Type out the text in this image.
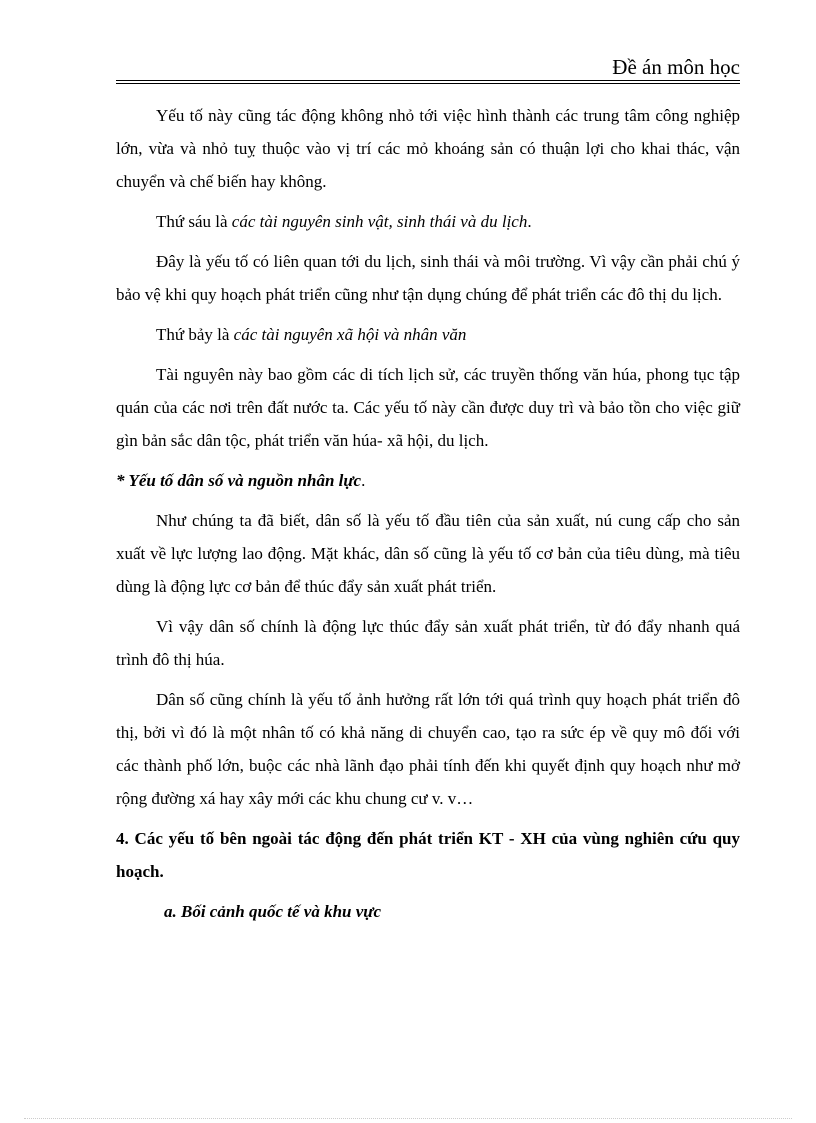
Đề án môn học

Yếu tố này cũng tác động không nhỏ tới việc hình thành các trung tâm công nghiệp lớn, vừa và nhỏ tuỵ thuộc vào vị trí các mỏ khoáng sản có thuận lợi cho khai thác, vận chuyển và chế biến hay không.

Thứ sáu là các tài nguyên sinh vật, sinh thái và du lịch.

Đây là yếu tố có liên quan tới du lịch, sinh thái và môi trường. Vì vậy cần phải chú ý bảo vệ khi quy hoạch phát triển cũng như tận dụng chúng để phát triển các đô thị du lịch.

Thứ bảy là các tài nguyên xã hội và nhân văn

Tài nguyên này bao gồm các di tích lịch sử, các truyền thống văn húa, phong tục tập quán của các nơi trên đất nước ta. Các yếu tố này cần được duy trì và bảo tồn cho việc giữ gìn bản sắc dân tộc, phát triển văn húa- xã hội, du lịch.

* Yếu tố dân số và nguồn nhân lực.

Như chúng ta đã biết, dân số là yếu tố đầu tiên của sản xuất, nú cung cấp cho sản xuất về lực lượng lao động. Mặt khác, dân số cũng là yếu tố cơ bản của tiêu dùng, mà tiêu dùng là động lực cơ bản để thúc đẩy sản xuất phát triển.

Vì vậy dân số chính là động lực thúc đẩy sản xuất phát triển, từ đó đẩy nhanh quá trình đô thị húa.

Dân số cũng chính là yếu tố ảnh hưởng rất lớn tới quá trình quy hoạch phát triển đô thị, bởi vì đó là một nhân tố có khả năng di chuyển cao, tạo ra sức ép về quy mô đối với các thành phố lớn, buộc các nhà lãnh đạo phải tính đến khi quyết định quy hoạch như mở rộng đường xá hay xây mới các khu chung cư v. v…

4. Các yếu tố bên ngoài tác động đến phát triển KT - XH của vùng nghiên cứu quy hoạch.

a. Bối cảnh quốc tế và khu vực
